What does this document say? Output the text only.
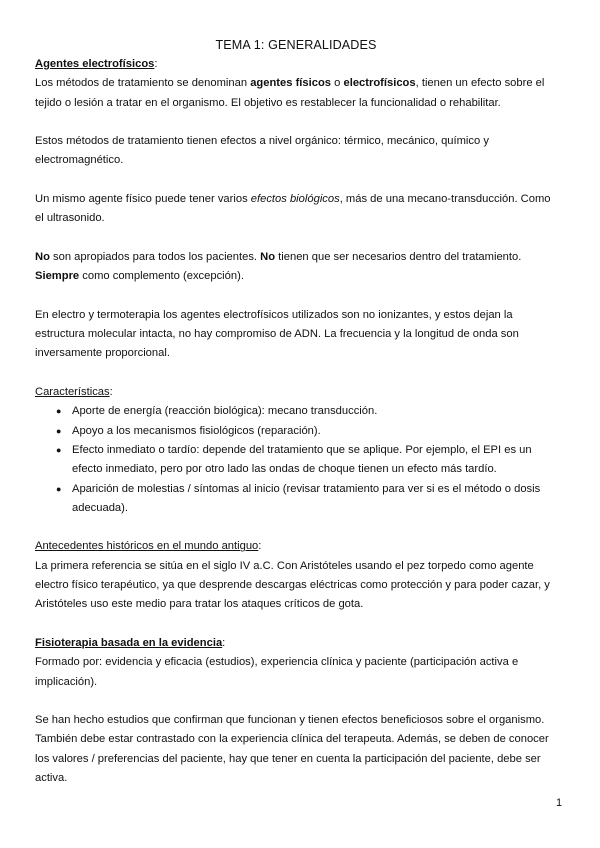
TEMA 1: GENERALIDADES

Agentes electrofísicos:

Los métodos de tratamiento se denominan agentes físicos o electrofísicos, tienen un efecto sobre el tejido o lesión a tratar en el organismo. El objetivo es restablecer la funcionalidad o rehabilitar.

Estos métodos de tratamiento tienen efectos a nivel orgánico: térmico, mecánico, químico y electromagnético.

Un mismo agente físico puede tener varios efectos biológicos, más de una mecano-transducción. Como el ultrasonido.

No son apropiados para todos los pacientes. No tienen que ser necesarios dentro del tratamiento.

Siempre como complemento (excepción).

En electro y termoterapia los agentes electrofísicos utilizados son no ionizantes, y estos dejan la estructura molecular intacta, no hay compromiso de ADN. La frecuencia y la longitud de onda son inversamente proporcional.

Características:

● Aporte de energía (reacción biológica): mecano transducción.
● Apoyo a los mecanismos fisiológicos (reparación).
● Efecto inmediato o tardío: depende del tratamiento que se aplique. Por ejemplo, el EPI es un efecto inmediato, pero por otro lado las ondas de choque tienen un efecto más tardío.
● Aparición de molestias / síntomas al inicio (revisar tratamiento para ver si es el método o dosis adecuada).

Antecedentes históricos en el mundo antiguo:

La primera referencia se sitúa en el siglo IV a.C. Con Aristóteles usando el pez torpedo como agente electro físico terapéutico, ya que desprende descargas eléctricas como protección y para poder cazar, y Aristóteles uso este medio para tratar los ataques críticos de gota.

Fisioterapia basada en la evidencia:

Formado por: evidencia y eficacia (estudios), experiencia clínica y paciente (participación activa e implicación).

Se han hecho estudios que confirman que funcionan y tienen efectos beneficiosos sobre el organismo. También debe estar contrastado con la experiencia clínica del terapeuta. Además, se deben de conocer los valores / preferencias del paciente, hay que tener en cuenta la participación del paciente, debe ser activa.

1
